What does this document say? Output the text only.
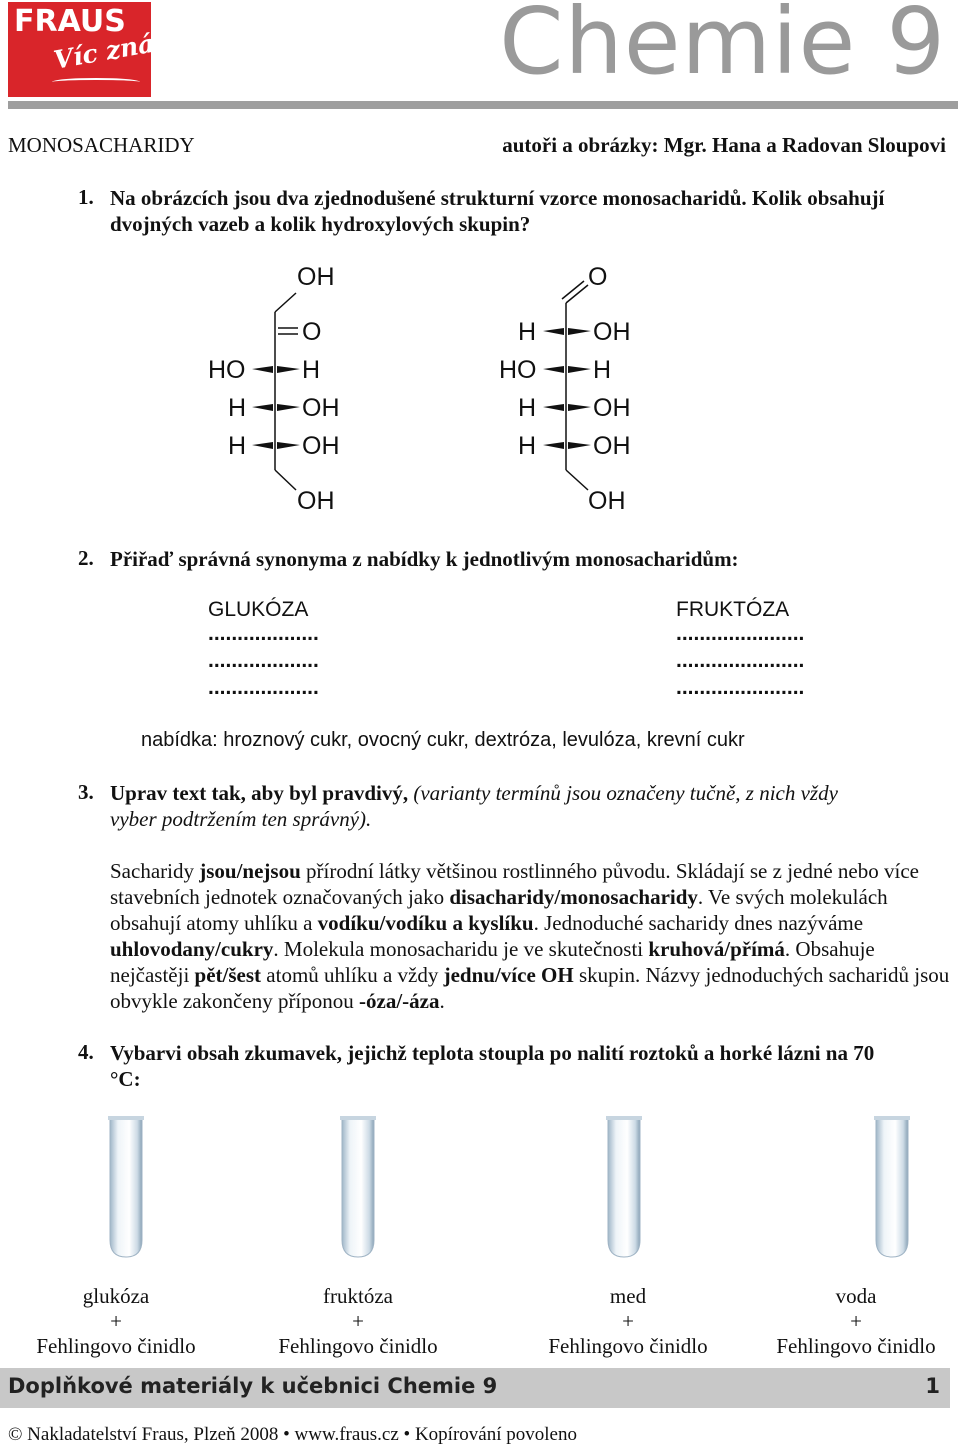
FRAUS
Víc znát	Chemie 9
MONOSACHARIDY	autoři a obrázky: Mgr. Hana a Radovan Sloupovi
1. Na obrázcích jsou dva zjednodušené strukturní vzorce monosacharidů. Kolik obsahují dvojných vazeb a kolik hydroxylových skupin?
OH
O
HO H
H OH
H OH
OH
O
H OH
HO H
H OH
H OH
OH
2. Přiřaď správná synonyma z nabídky k jednotlivým monosacharidům:
GLUKÓZA	FRUKTÓZA
...................
...................
...................
......................
......................
......................
nabídka: hroznový cukr, ovocný cukr, dextróza, levulóza, krevní cukr
3. Uprav text tak, aby byl pravdivý, (varianty termínů jsou označeny tučně, z nich vždy vyber podtržením ten správný).
Sacharidy jsou/nejsou přírodní látky většinou rostlinného původu. Skládají se z jedné nebo více stavebních jednotek označovaných jako disacharidy/monosacharidy. Ve svých molekulách obsahují atomy uhlíku a vodíku/vodíku a kyslíku. Jednoduché sacharidy dnes nazýváme uhlovodany/cukry. Molekula monosacharidu je ve skutečnosti kruhová/přímá. Obsahuje nejčastěji pět/šest atomů uhlíku a vždy jednu/více OH skupin. Názvy jednoduchých sacharidů jsou obvykle zakončeny příponou -óza/-áza.
4. Vybarvi obsah zkumavek, jejichž teplota stoupla po nalití roztoků a horké lázni na 70 °C:
glukóza
+
Fehlingovo činidlo
fruktóza
+
Fehlingovo činidlo
med
+
Fehlingovo činidlo
voda
+
Fehlingovo činidlo
Doplňkové materiály k učebnici Chemie 9	1
© Nakladatelství Fraus, Plzeň 2008 • www.fraus.cz • Kopírování povoleno
